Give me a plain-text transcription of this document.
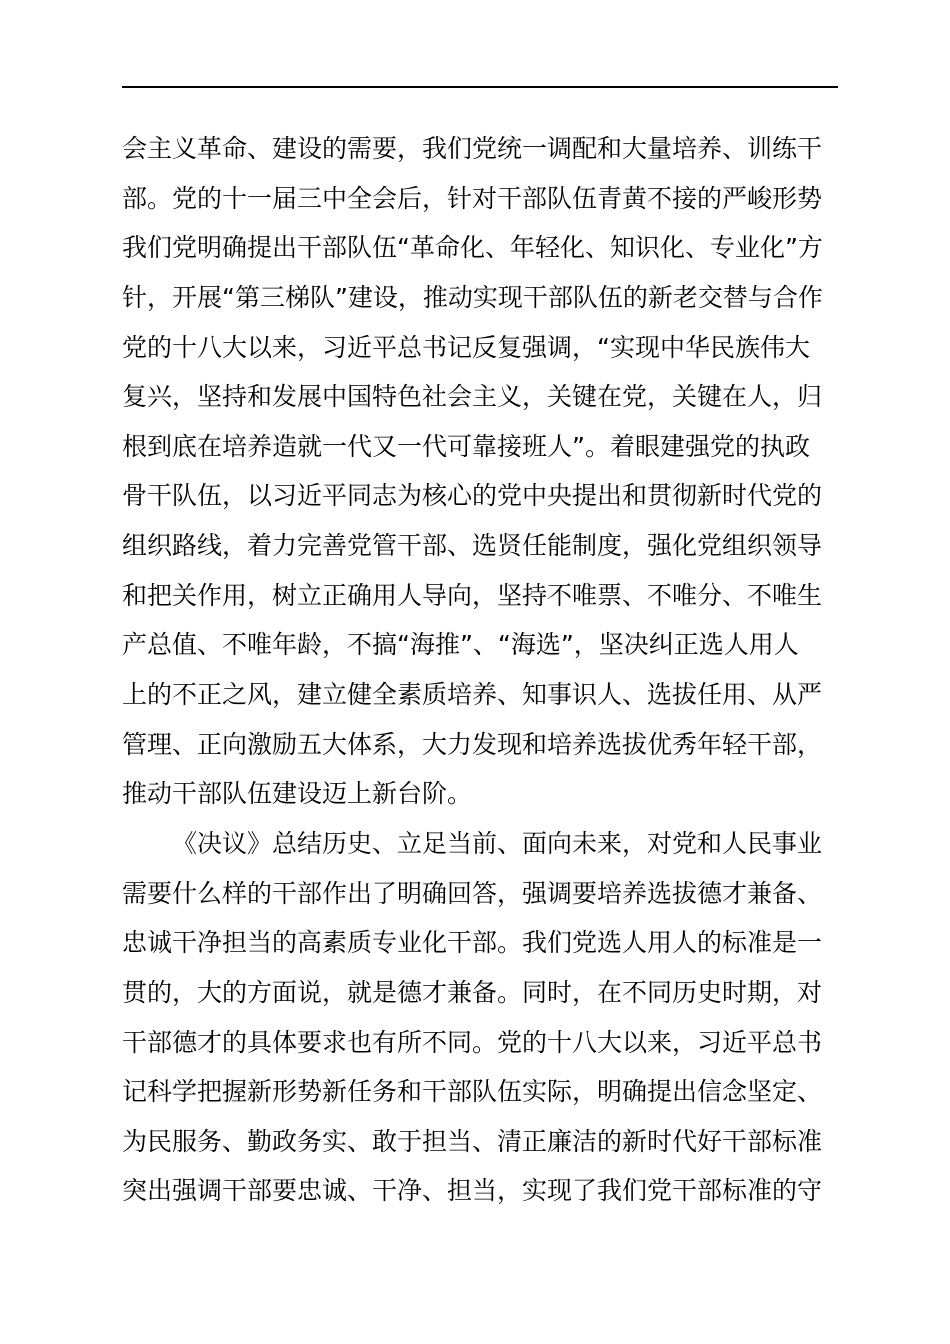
会主义革命、建设的需要，我们党统一调配和大量培养、训练干
部。党的十一届三中全会后，针对干部队伍青黄不接的严峻形势
我们党明确提出干部队伍“革命化、年轻化、知识化、专业化”方
针，开展“第三梯队”建设，推动实现干部队伍的新老交替与合作
党的十八大以来，习近平总书记反复强调，“实现中华民族伟大
复兴，坚持和发展中国特色社会主义，关键在党，关键在人，归
根到底在培养造就一代又一代可靠接班人”。着眼建强党的执政
骨干队伍，以习近平同志为核心的党中央提出和贯彻新时代党的
组织路线，着力完善党管干部、选贤任能制度，强化党组织领导
和把关作用，树立正确用人导向，坚持不唯票、不唯分、不唯生
产总值、不唯年龄，不搞“海推”、“海选”，坚决纠正选人用人
上的不正之风，建立健全素质培养、知事识人、选拔任用、从严
管理、正向激励五大体系，大力发现和培养选拔优秀年轻干部，
推动干部队伍建设迈上新台阶。
《决议》总结历史、立足当前、面向未来，对党和人民事业
需要什么样的干部作出了明确回答，强调要培养选拔德才兼备、
忠诚干净担当的高素质专业化干部。我们党选人用人的标准是一
贯的，大的方面说，就是德才兼备。同时，在不同历史时期，对
干部德才的具体要求也有所不同。党的十八大以来，习近平总书
记科学把握新形势新任务和干部队伍实际，明确提出信念坚定、
为民服务、勤政务实、敢于担当、清正廉洁的新时代好干部标准
突出强调干部要忠诚、干净、担当，实现了我们党干部标准的守
